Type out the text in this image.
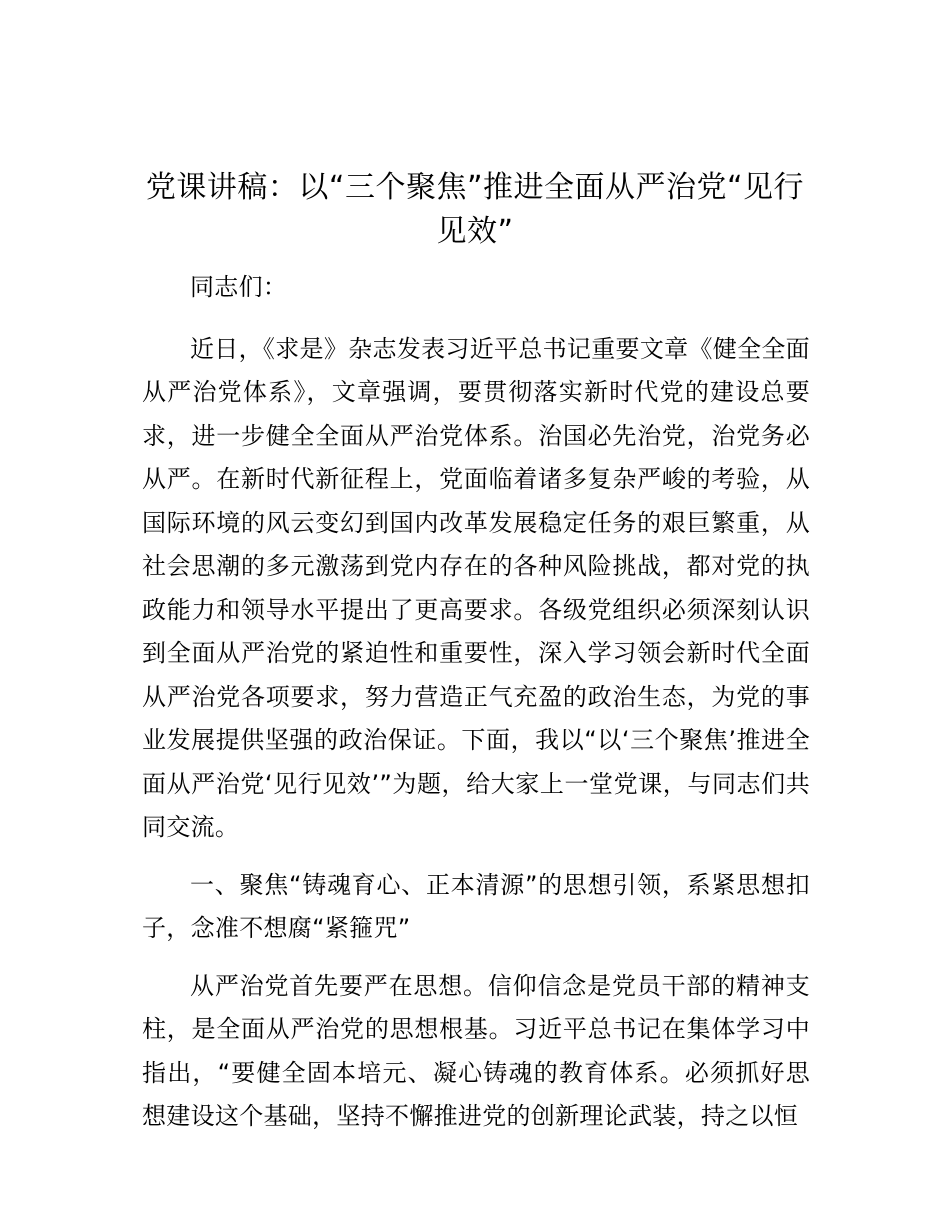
党课讲稿：以“三个聚焦”推进全面从严治党“见行见效”

同志们：

近日，《求是》杂志发表习近平总书记重要文章《健全全面从严治党体系》，文章强调，要贯彻落实新时代党的建设总要求，进一步健全全面从严治党体系。治国必先治党，治党务必从严。在新时代新征程上，党面临着诸多复杂严峻的考验，从国际环境的风云变幻到国内改革发展稳定任务的艰巨繁重，从社会思潮的多元激荡到党内存在的各种风险挑战，都对党的执政能力和领导水平提出了更高要求。各级党组织必须深刻认识到全面从严治党的紧迫性和重要性，深入学习领会新时代全面从严治党各项要求，努力营造正气充盈的政治生态，为党的事业发展提供坚强的政治保证。下面，我以“以‘三个聚焦’推进全面从严治党‘见行见效’”为题，给大家上一堂党课，与同志们共同交流。

一、聚焦“铸魂育心、正本清源”的思想引领，系紧思想扣子，念准不想腐“紧箍咒”

从严治党首先要严在思想。信仰信念是党员干部的精神支柱，是全面从严治党的思想根基。习近平总书记在集体学习中指出，“要健全固本培元、凝心铸魂的教育体系。必须抓好思想建设这个基础，坚持不懈推进党的创新理论武装，持之以恒
